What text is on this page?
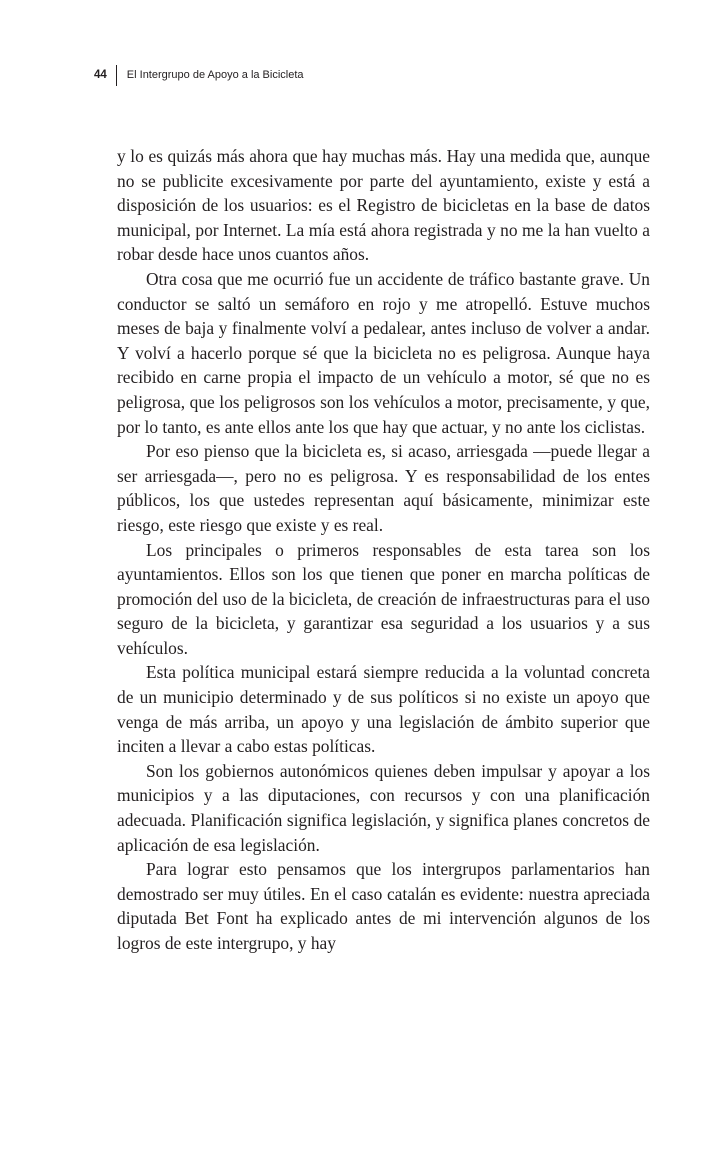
44 El Intergrupo de Apoyo a la Bicicleta

y lo es quizás más ahora que hay muchas más. Hay una medida que, aunque no se publicite excesivamente por parte del ayuntamiento, existe y está a disposición de los usuarios: es el Registro de bicicletas en la base de datos municipal, por Internet. La mía está ahora registrada y no me la han vuelto a robar desde hace unos cuantos años.

Otra cosa que me ocurrió fue un accidente de tráfico bastante grave. Un conductor se saltó un semáforo en rojo y me atropelló. Estuve muchos meses de baja y finalmente volví a pedalear, antes incluso de volver a andar. Y volví a hacerlo porque sé que la bicicleta no es peligrosa. Aunque haya recibido en carne propia el impacto de un vehículo a motor, sé que no es peligrosa, que los peligrosos son los vehículos a motor, precisamente, y que, por lo tanto, es ante ellos ante los que hay que actuar, y no ante los ciclistas.

Por eso pienso que la bicicleta es, si acaso, arriesgada —puede llegar a ser arriesgada—, pero no es peligrosa. Y es responsabilidad de los entes públicos, los que ustedes representan aquí básicamente, minimizar este riesgo, este riesgo que existe y es real.

Los principales o primeros responsables de esta tarea son los ayuntamientos. Ellos son los que tienen que poner en marcha políticas de promoción del uso de la bicicleta, de creación de infraestructuras para el uso seguro de la bicicleta, y garantizar esa seguridad a los usuarios y a sus vehículos.

Esta política municipal estará siempre reducida a la voluntad concreta de un municipio determinado y de sus políticos si no existe un apoyo que venga de más arriba, un apoyo y una legislación de ámbito superior que inciten a llevar a cabo estas políticas.

Son los gobiernos autonómicos quienes deben impulsar y apoyar a los municipios y a las diputaciones, con recursos y con una planificación adecuada. Planificación significa legislación, y significa planes concretos de aplicación de esa legislación.

Para lograr esto pensamos que los intergrupos parlamentarios han demostrado ser muy útiles. En el caso catalán es evidente: nuestra apreciada diputada Bet Font ha explicado antes de mi intervención algunos de los logros de este intergrupo, y hay
